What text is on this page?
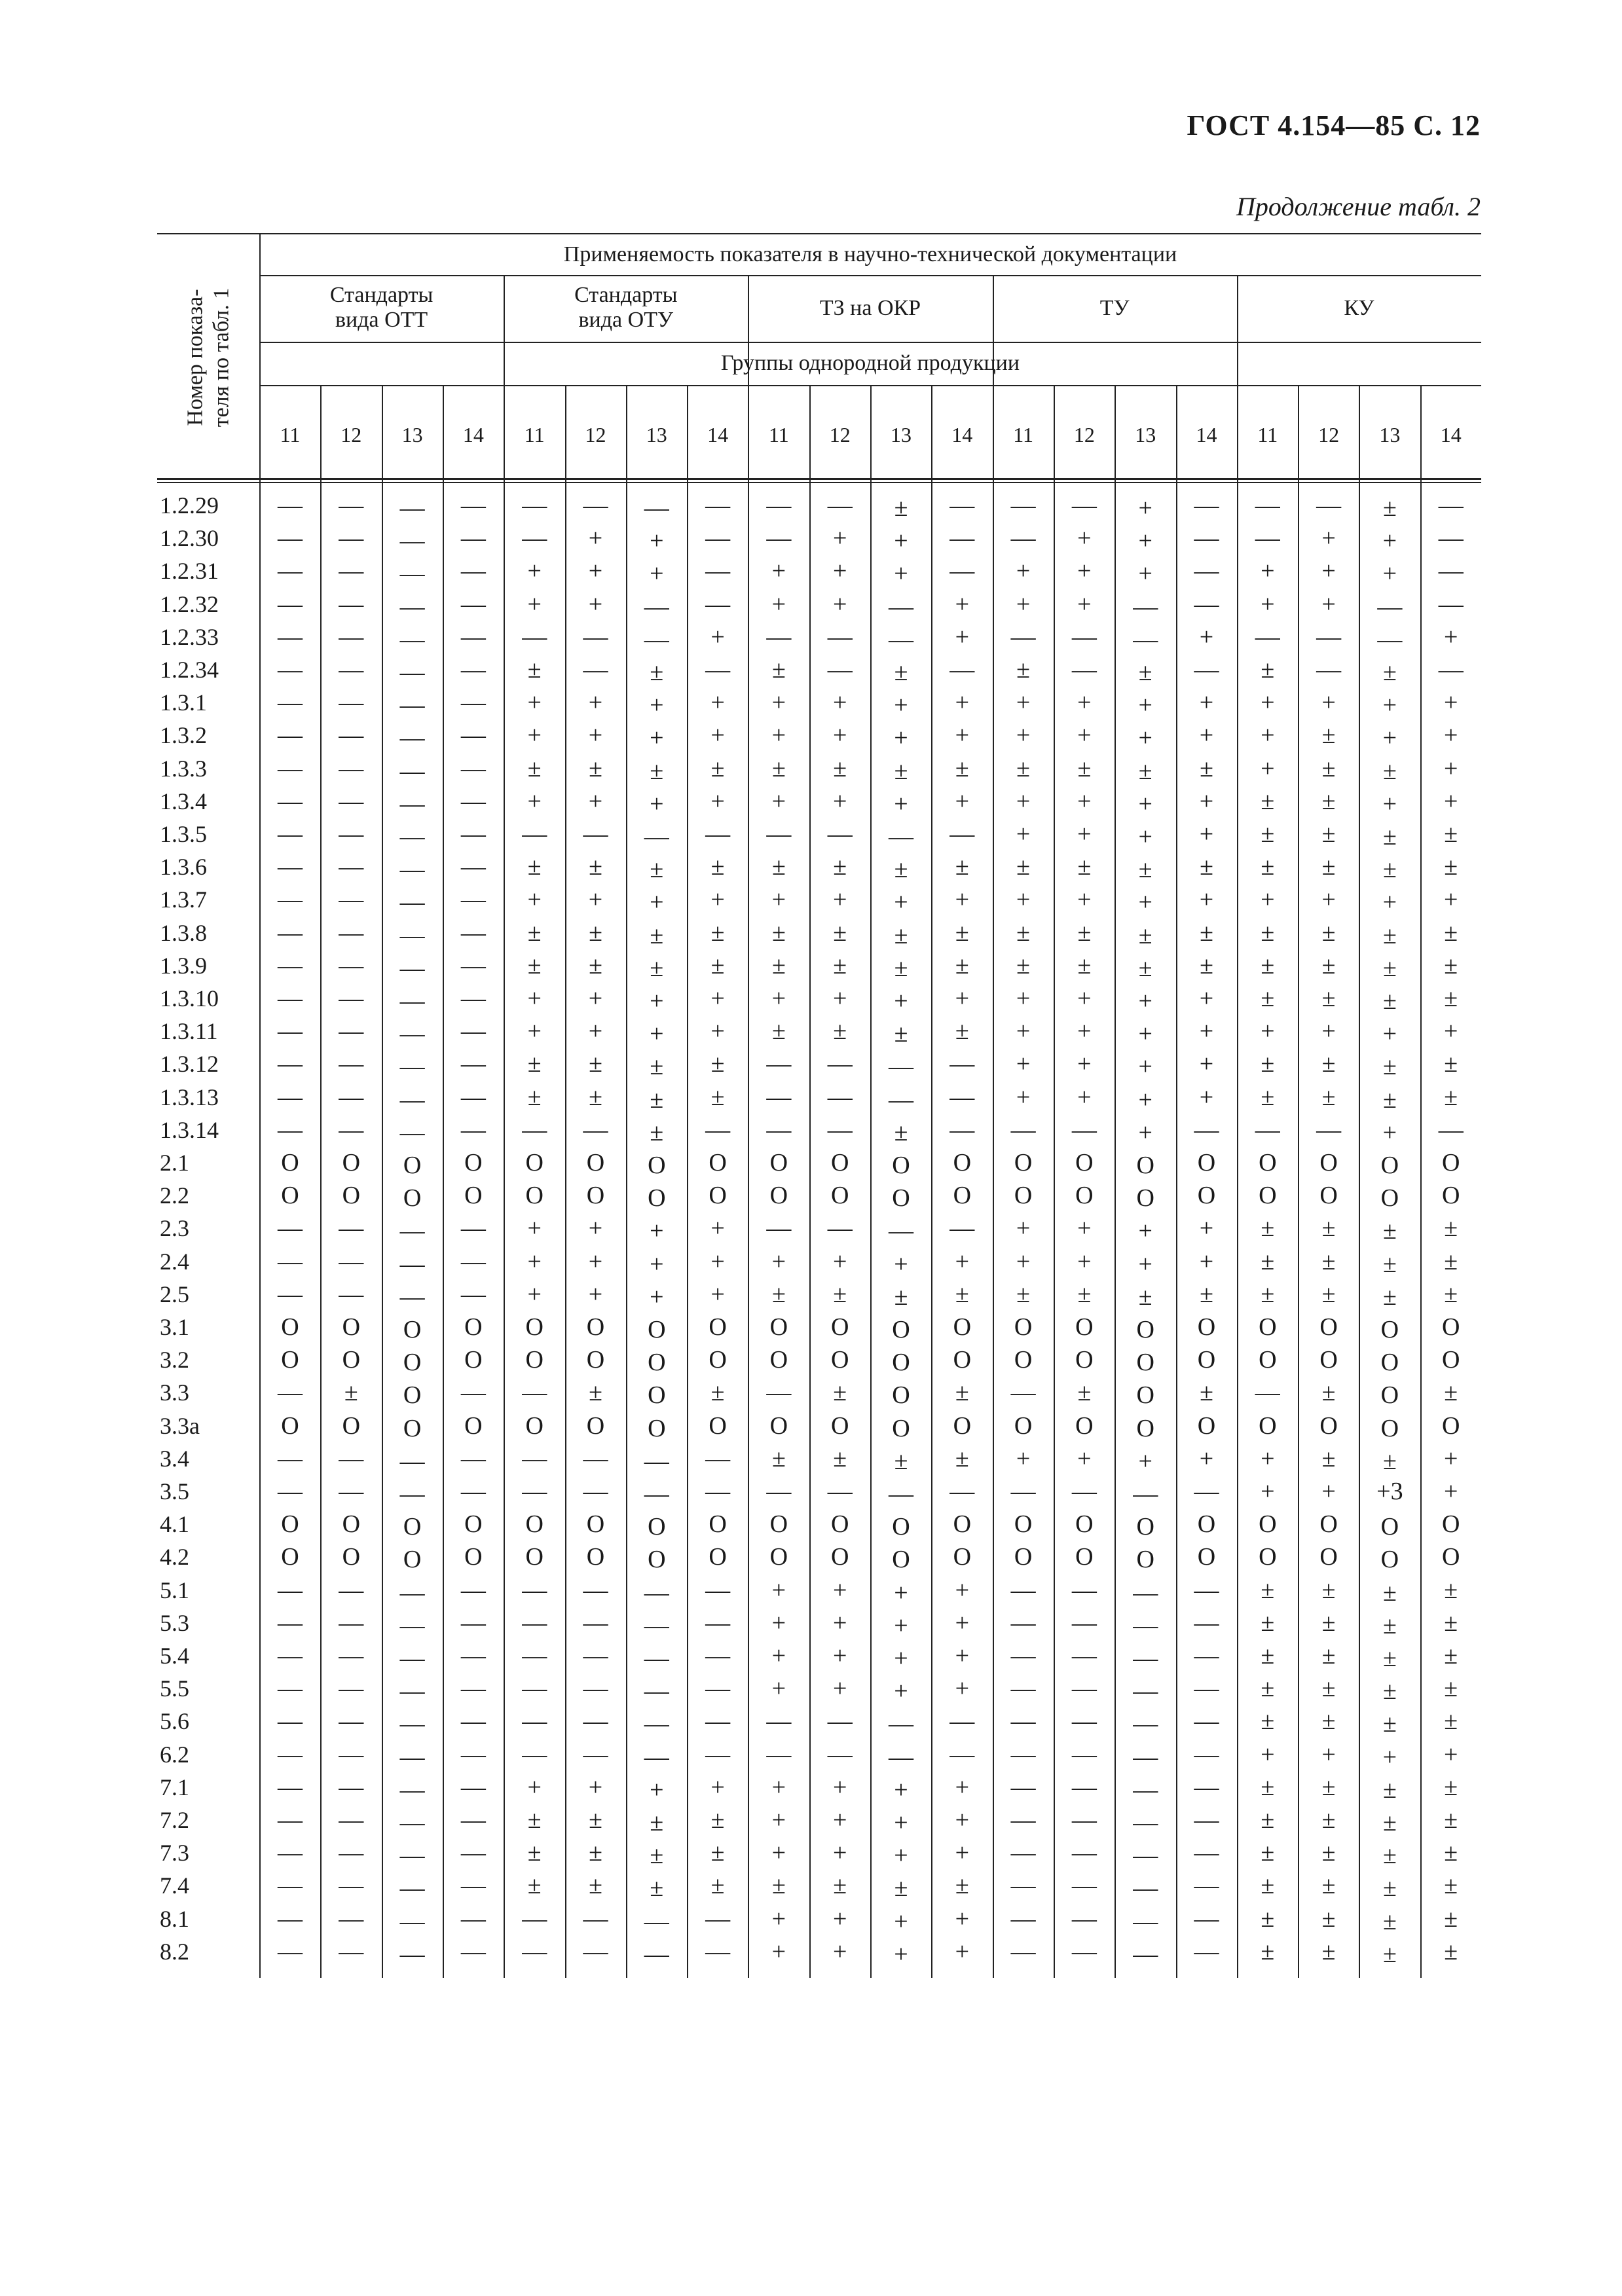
ГОСТ 4.154—85 С. 12
Продолжение табл. 2
Номер показа-
теля по табл. 1
Применяемость показателя в научно-технической документации
Стандарты
вида ОТТ
Стандарты
вида ОТУ	ТЗ на ОКР	ТУ	КУ
Группы однородной продукции
11	12	13	14	11	12	13	14	11	12	13	14	11	12	13	14	11	12	13	14
1.2.29	—	—	—	—	—	—	—	—	—	—	±	—	—	—	+	—	—	—	±	—
1.2.30	—	—	—	—	—	+	+	—	—	+	+	—	—	+	+	—	—	+	+	—
1.2.31	—	—	—	—	+	+	+	—	+	+	+	—	+	+	+	—	+	+	+	—
1.2.32	—	—	—	—	+	+	—	—	+	+	—	+	+	+	—	—	+	+	—	—
1.2.33	—	—	—	—	—	—	—	+	—	—	—	+	—	—	—	+	—	—	—	+
1.2.34	—	—	—	—	±	—	±	—	±	—	±	—	±	—	±	—	±	—	±	—
1.3.1	—	—	—	—	+	+	+	+	+	+	+	+	+	+	+	+	+	+	+	+
1.3.2	—	—	—	—	+	+	+	+	+	+	+	+	+	+	+	+	+	±	+	+
1.3.3	—	—	—	—	±	±	±	±	±	±	±	±	±	±	±	±	+	±	±	+
1.3.4	—	—	—	—	+	+	+	+	+	+	+	+	+	+	+	+	±	±	+	+
1.3.5	—	—	—	—	—	—	—	—	—	—	—	—	+	+	+	+	±	±	±	±
1.3.6	—	—	—	—	±	±	±	±	±	±	±	±	±	±	±	±	±	±	±	±
1.3.7	—	—	—	—	+	+	+	+	+	+	+	+	+	+	+	+	+	+	+	+
1.3.8	—	—	—	—	±	±	±	±	±	±	±	±	±	±	±	±	±	±	±	±
1.3.9	—	—	—	—	±	±	±	±	±	±	±	±	±	±	±	±	±	±	±	±
1.3.10	—	—	—	—	+	+	+	+	+	+	+	+	+	+	+	+	±	±	±	±
1.3.11	—	—	—	—	+	+	+	+	±	±	±	±	+	+	+	+	+	+	+	+
1.3.12	—	—	—	—	±	±	±	±	—	—	—	—	+	+	+	+	±	±	±	±
1.3.13	—	—	—	—	±	±	±	±	—	—	—	—	+	+	+	+	±	±	±	±
1.3.14	—	—	—	—	—	—	±	—	—	—	±	—	—	—	+	—	—	—	+	—
2.1	O	O	O	O	O	O	O	O	O	O	O	O	O	O	O	O	O	O	O	O
2.2	O	O	O	O	O	O	O	O	O	O	O	O	O	O	O	O	O	O	O	O
2.3	—	—	—	—	+	+	+	+	—	—	—	—	+	+	+	+	±	±	±	±
2.4	—	—	—	—	+	+	+	+	+	+	+	+	+	+	+	+	±	±	±	±
2.5	—	—	—	—	+	+	+	+	±	±	±	±	±	±	±	±	±	±	±	±
3.1	O	O	O	O	O	O	O	O	O	O	O	O	O	O	O	O	O	O	O	O
3.2	O	O	O	O	O	O	O	O	O	O	O	O	O	O	O	O	O	O	O	O
3.3	—	±	O	—	—	±	O	±	—	±	O	±	—	±	O	±	—	±	O	±
3.3а	O	O	O	O	O	O	O	O	O	O	O	O	O	O	O	O	O	O	O	O
3.4	—	—	—	—	—	—	—	—	±	±	±	±	+	+	+	+	+	±	±	+
3.5	—	—	—	—	—	—	—	—	—	—	—	—	—	—	—	—	+	+	+3	+
4.1	O	O	O	O	O	O	O	O	O	O	O	O	O	O	O	O	O	O	O	O
4.2	O	O	O	O	O	O	O	O	O	O	O	O	O	O	O	O	O	O	O	O
5.1	—	—	—	—	—	—	—	—	+	+	+	+	—	—	—	—	±	±	±	±
5.3	—	—	—	—	—	—	—	—	+	+	+	+	—	—	—	—	±	±	±	±
5.4	—	—	—	—	—	—	—	—	+	+	+	+	—	—	—	—	±	±	±	±
5.5	—	—	—	—	—	—	—	—	+	+	+	+	—	—	—	—	±	±	±	±
5.6	—	—	—	—	—	—	—	—	—	—	—	—	—	—	—	—	±	±	±	±
6.2	—	—	—	—	—	—	—	—	—	—	—	—	—	—	—	—	+	+	+	+
7.1	—	—	—	—	+	+	+	+	+	+	+	+	—	—	—	—	±	±	±	±
7.2	—	—	—	—	±	±	±	±	+	+	+	+	—	—	—	—	±	±	±	±
7.3	—	—	—	—	±	±	±	±	+	+	+	+	—	—	—	—	±	±	±	±
7.4	—	—	—	—	±	±	±	±	±	±	±	±	—	—	—	—	±	±	±	±
8.1	—	—	—	—	—	—	—	—	+	+	+	+	—	—	—	—	±	±	±	±
8.2	—	—	—	—	—	—	—	—	+	+	+	+	—	—	—	—	±	±	±	±
